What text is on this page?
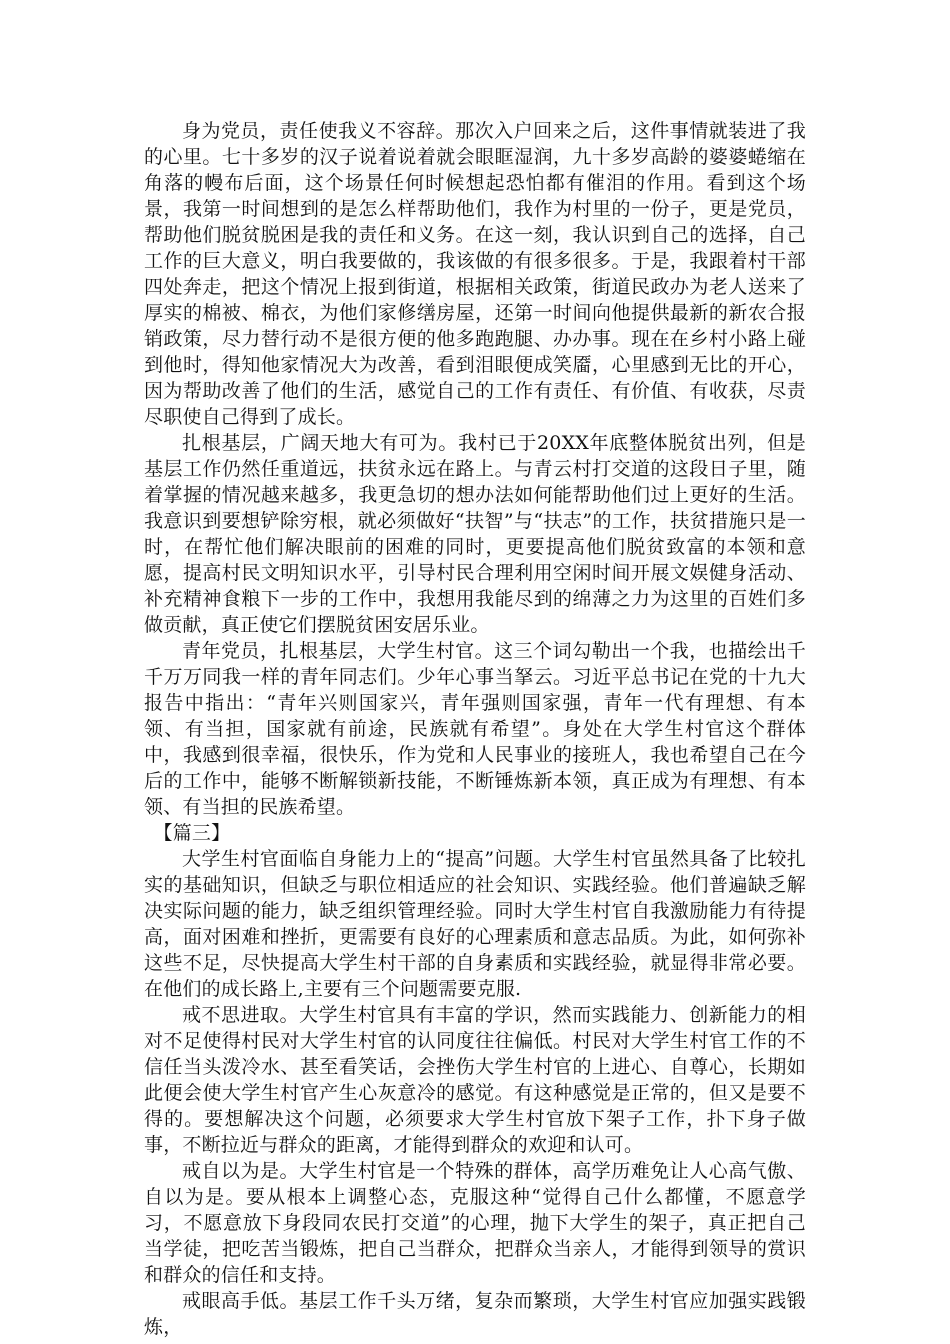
身为党员，责任使我义不容辞。那次入户回来之后，这件事情就装进了我的心里。七十多岁的汉子说着说着就会眼眶湿润，九十多岁高龄的婆婆蜷缩在角落的幔布后面，这个场景任何时候想起恐怕都有催泪的作用。看到这个场景，我第一时间想到的是怎么样帮助他们，我作为村里的一份子，更是党员，帮助他们脱贫脱困是我的责任和义务。在这一刻，我认识到自己的选择，自己工作的巨大意义，明白我要做的，我该做的有很多很多。于是，我跟着村干部四处奔走，把这个情况上报到街道，根据相关政策，街道民政办为老人送来了厚实的棉被、棉衣，为他们家修缮房屋，还第一时间向他提供最新的新农合报销政策，尽力替行动不是很方便的他多跑跑腿、办办事。现在在乡村小路上碰到他时，得知他家情况大为改善，看到泪眼便成笑靥，心里感到无比的开心，因为帮助改善了他们的生活，感觉自己的工作有责任、有价值、有收获，尽责尽职使自己得到了成长。

扎根基层，广阔天地大有可为。我村已于20XX年底整体脱贫出列，但是基层工作仍然任重道远，扶贫永远在路上。与青云村打交道的这段日子里，随着掌握的情况越来越多，我更急切的想办法如何能帮助他们过上更好的生活。我意识到要想铲除穷根，就必须做好“扶智”与“扶志”的工作，扶贫措施只是一时，在帮忙他们解决眼前的困难的同时，更要提高他们脱贫致富的本领和意愿，提高村民文明知识水平，引导村民合理利用空闲时间开展文娱健身活动、补充精神食粮下一步的工作中，我想用我能尽到的绵薄之力为这里的百姓们多做贡献，真正使它们摆脱贫困安居乐业。

青年党员，扎根基层，大学生村官。这三个词勾勒出一个我，也描绘出千千万万同我一样的青年同志们。少年心事当拏云。习近平总书记在党的十九大报告中指出：“青年兴则国家兴，青年强则国家强，青年一代有理想、有本领、有当担，国家就有前途，民族就有希望”。身处在大学生村官这个群体中，我感到很幸福，很快乐，作为党和人民事业的接班人，我也希望自己在今后的工作中，能够不断解锁新技能，不断锤炼新本领，真正成为有理想、有本领、有当担的民族希望。

【篇三】

大学生村官面临自身能力上的“提高”问题。大学生村官虽然具备了比较扎实的基础知识，但缺乏与职位相适应的社会知识、实践经验。他们普遍缺乏解决实际问题的能力，缺乏组织管理经验。同时大学生村官自我激励能力有待提高，面对困难和挫折，更需要有良好的心理素质和意志品质。为此，如何弥补这些不足，尽快提高大学生村干部的自身素质和实践经验，就显得非常必要。在他们的成长路上,主要有三个问题需要克服.

戒不思进取。大学生村官具有丰富的学识，然而实践能力、创新能力的相对不足使得村民对大学生村官的认同度往往偏低。村民对大学生村官工作的不信任当头泼冷水、甚至看笑话，会挫伤大学生村官的上进心、自尊心，长期如此便会使大学生村官产生心灰意冷的感觉。有这种感觉是正常的，但又是要不得的。要想解决这个问题，必须要求大学生村官放下架子工作，扑下身子做事，不断拉近与群众的距离，才能得到群众的欢迎和认可。

戒自以为是。大学生村官是一个特殊的群体，高学历难免让人心高气傲、自以为是。要从根本上调整心态，克服这种“觉得自己什么都懂，不愿意学习，不愿意放下身段同农民打交道”的心理，抛下大学生的架子，真正把自己当学徒，把吃苦当锻炼，把自己当群众，把群众当亲人，才能得到领导的赏识和群众的信任和支持。

戒眼高手低。基层工作千头万绪，复杂而繁琐，大学生村官应加强实践锻炼，
